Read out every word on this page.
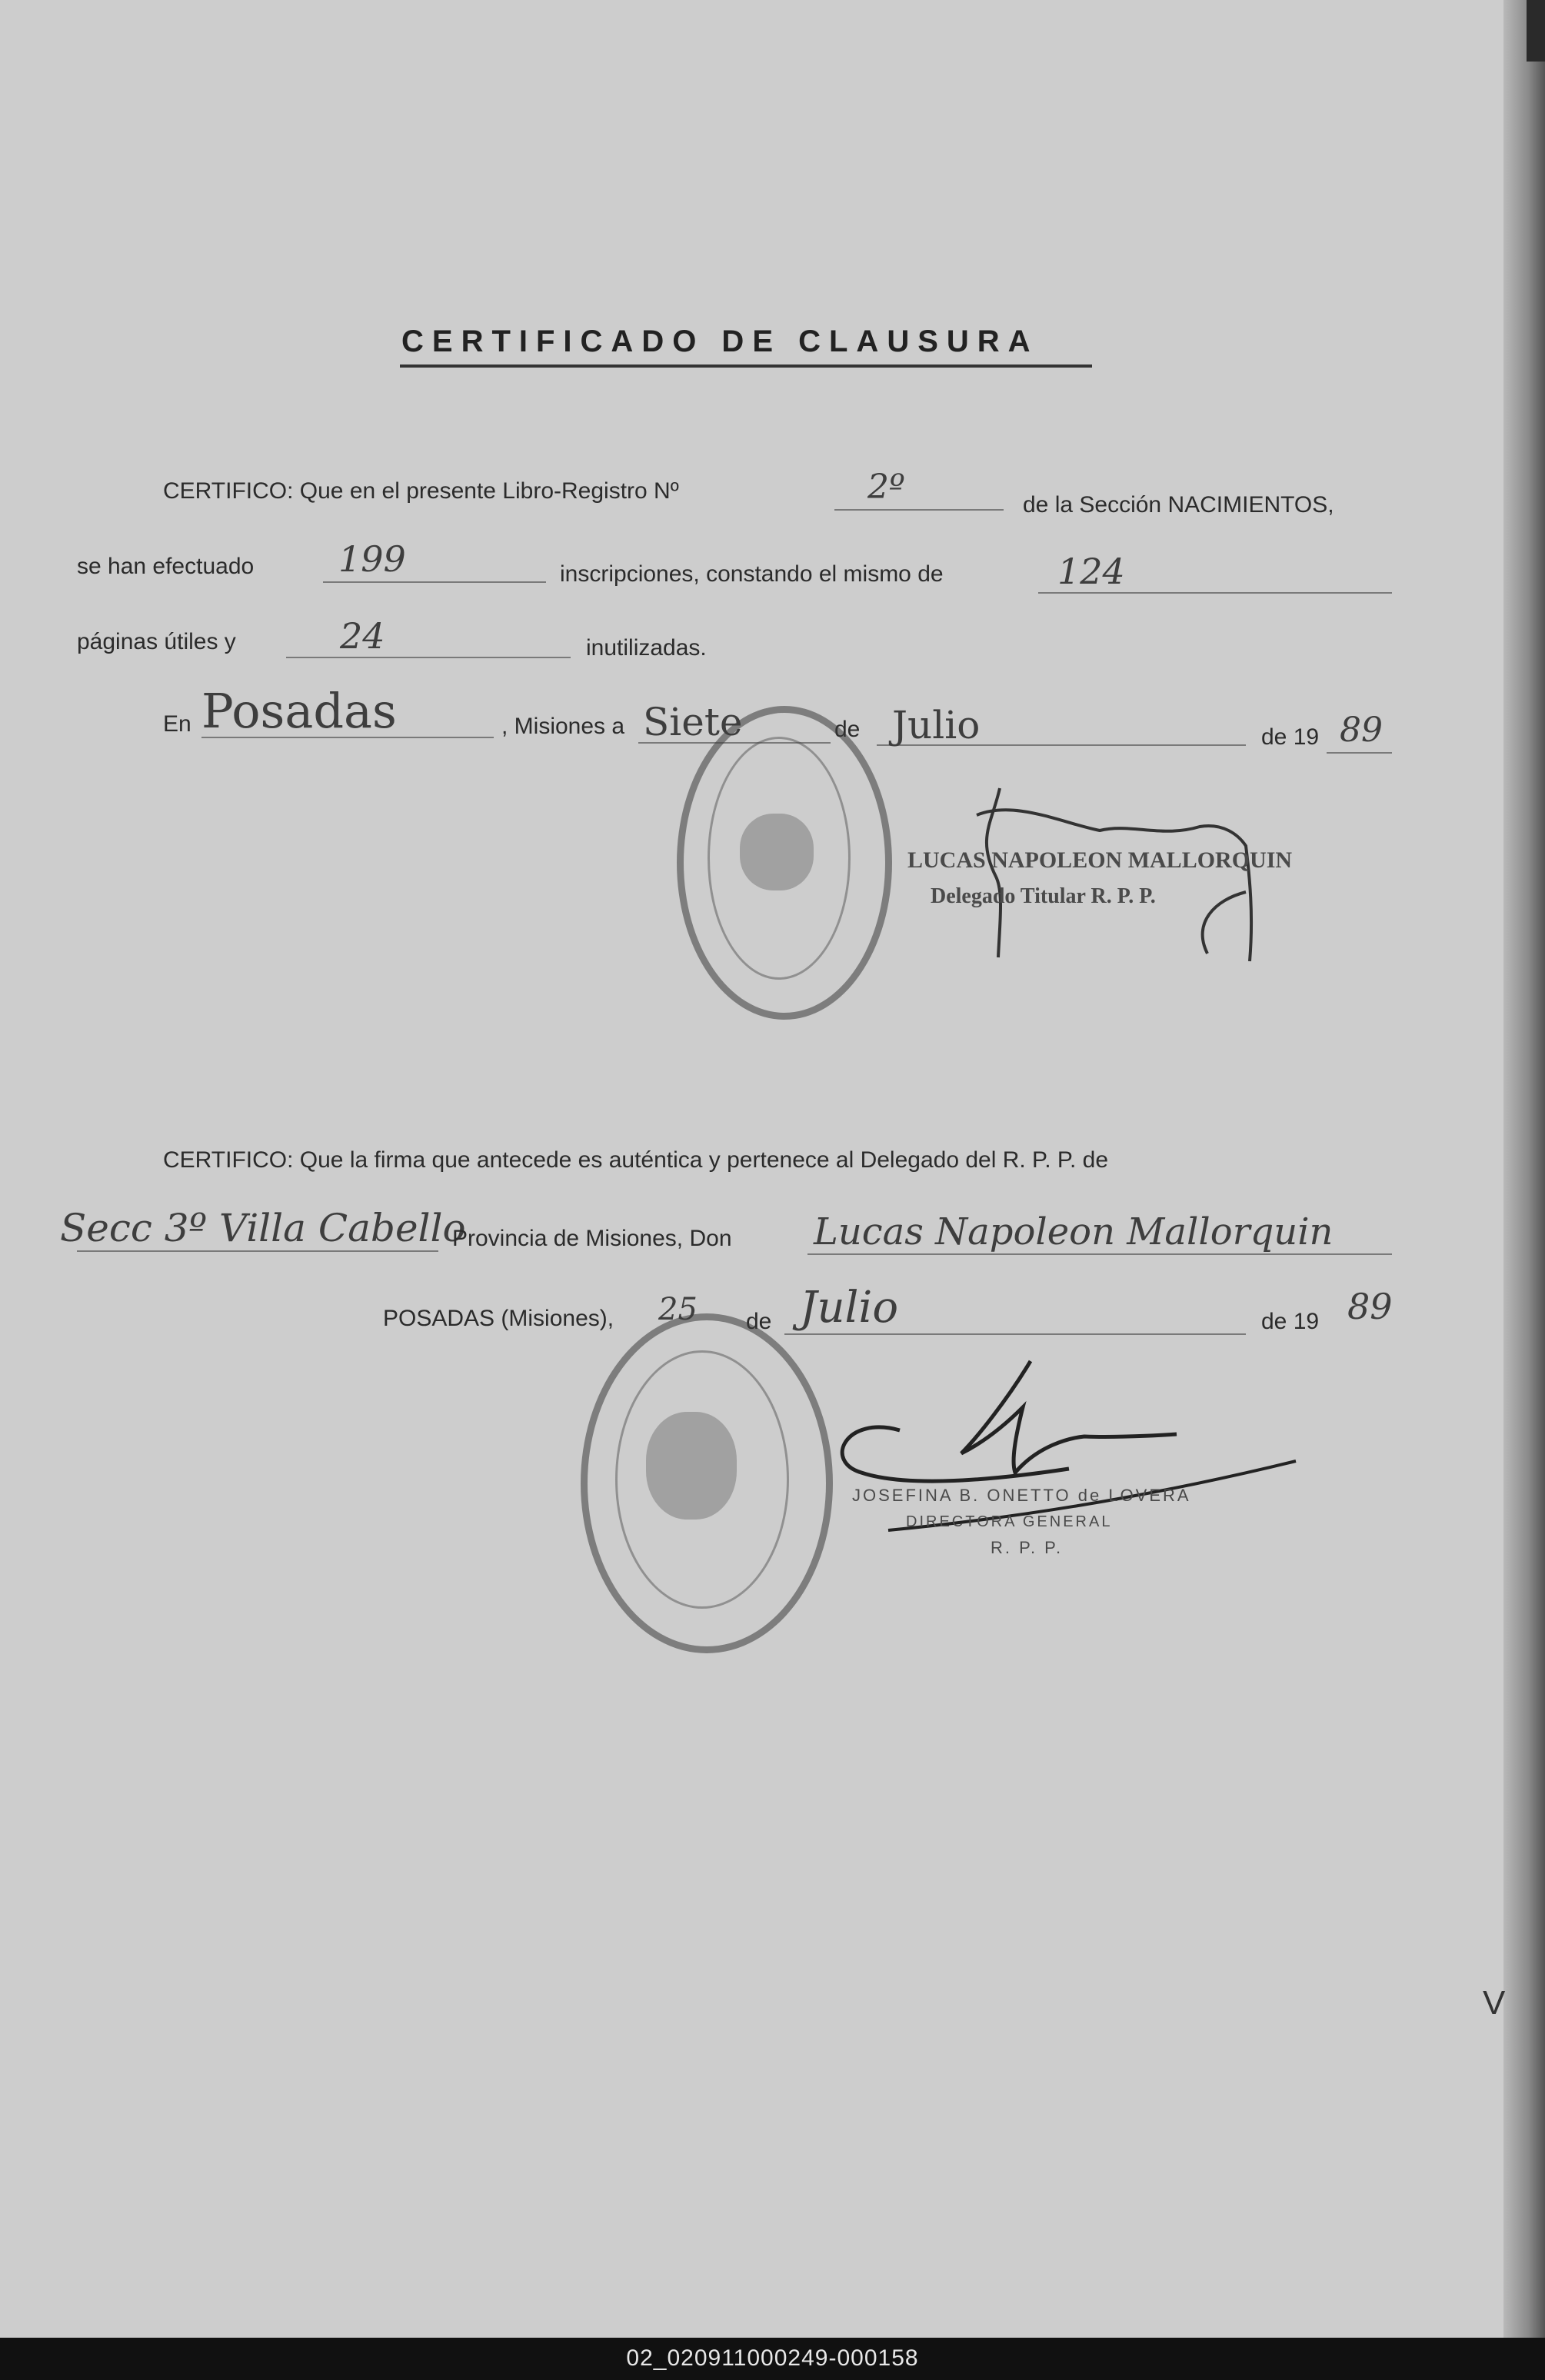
CERTIFICADO DE CLAUSURA
CERTIFICO: Que en el presente Libro-Registro Nº	2º	de la Sección NACIMIENTOS,
se han efectuado 199	inscripciones, constando el mismo de	124
páginas útiles y	24	inutilizadas.
En Posadas	, Misiones a Siete	de Julio	de 19 89
LUCAS NAPOLEON MALLORQUIN
Delegado Titular R. P. P.
CERTIFICO: Que la firma que antecede es auténtica y pertenece al Delegado del R. P. P. de
Secc 3º Villa Cabello
Provincia de Misiones, Don Lucas Napoleon Mallorquin
POSADAS (Misiones), 25 de Julio	de 19 89
JOSEFINA B. ONETTO de LOVERA
DIRECTORA GENERAL
R. P. P.
V
02_020911000249-000158
